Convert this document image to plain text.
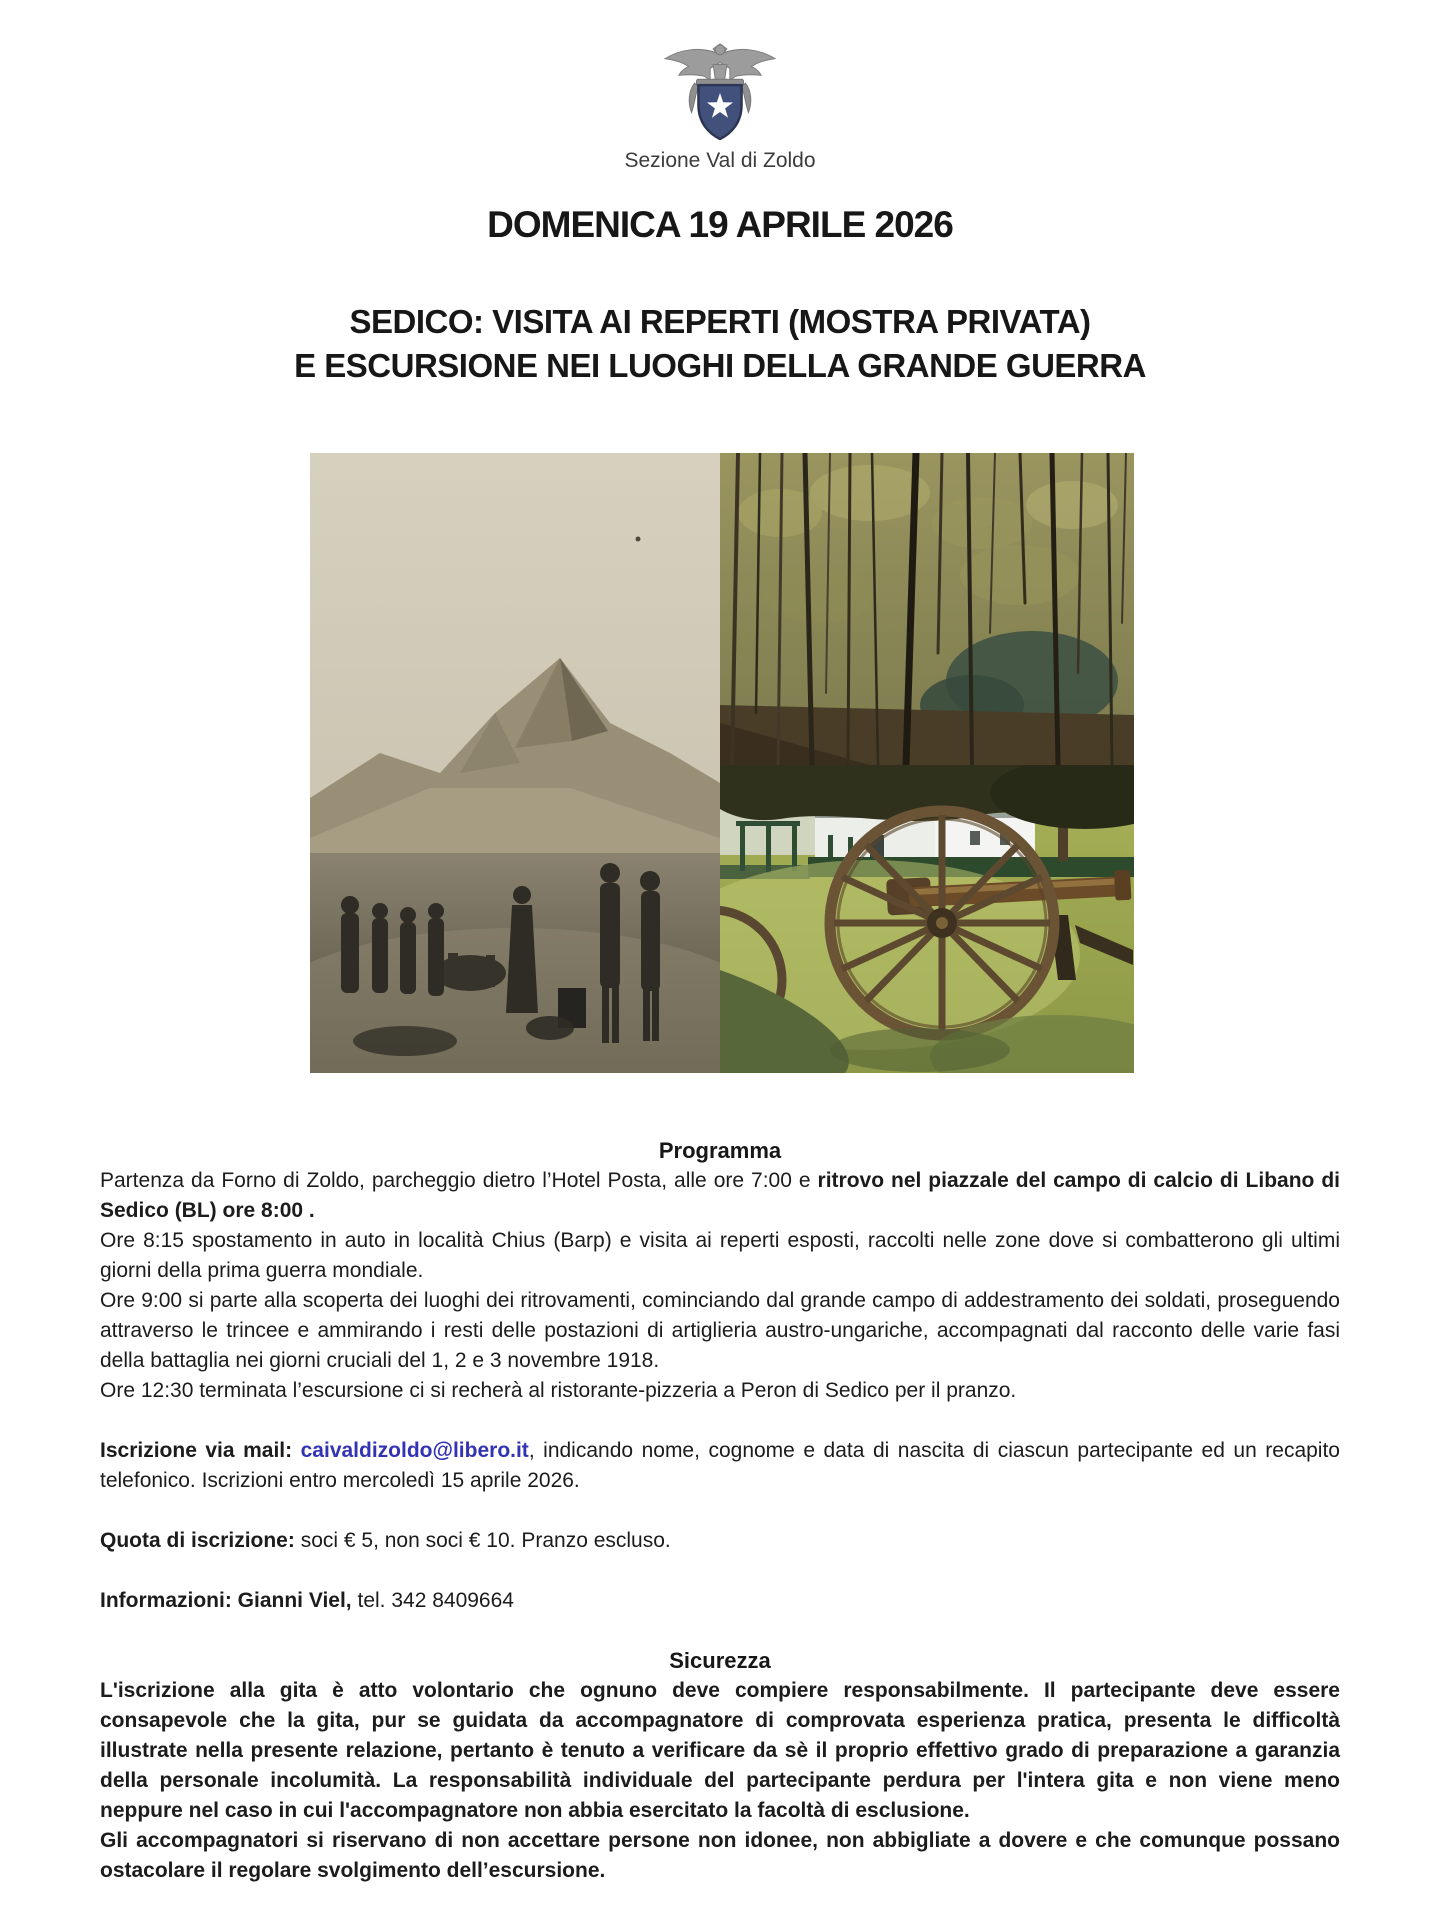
Sezione Val di Zoldo
DOMENICA 19 APRILE 2026
SEDICO: VISITA AI REPERTI (MOSTRA PRIVATA)
E ESCURSIONE NEI LUOGHI DELLA GRANDE GUERRA
Programma

Partenza da Forno di Zoldo, parcheggio dietro l’Hotel Posta, alle ore 7:00 e ritrovo nel piazzale del campo di calcio di Libano di Sedico (BL) ore 8:00 .

Ore 8:15 spostamento in auto in località Chius (Barp) e visita ai reperti esposti, raccolti nelle zone dove si combatterono gli ultimi giorni della prima guerra mondiale.

Ore 9:00 si parte alla scoperta dei luoghi dei ritrovamenti, cominciando dal grande campo di addestramento dei soldati, proseguendo attraverso le trincee e ammirando i resti delle postazioni di artiglieria austro-ungariche, accompagnati dal racconto delle varie fasi della battaglia nei giorni cruciali del 1, 2 e 3 novembre 1918.

Ore 12:30 terminata l’escursione ci si recherà al ristorante-pizzeria a Peron di Sedico per il pranzo.

Iscrizione via mail: caivaldizoldo@libero.it, indicando nome, cognome e data di nascita di ciascun partecipante ed un recapito telefonico. Iscrizioni entro mercoledì 15 aprile 2026.

Quota di iscrizione: soci € 5, non soci € 10. Pranzo escluso.

Informazioni: Gianni Viel, tel. 342 8409664

Sicurezza

L'iscrizione alla gita è atto volontario che ognuno deve compiere responsabilmente. Il partecipante deve essere consapevole che la gita, pur se guidata da accompagnatore di comprovata esperienza pratica, presenta le difficoltà illustrate nella presente relazione, pertanto è tenuto a verificare da sè il proprio effettivo grado di preparazione a garanzia della personale incolumità. La responsabilità individuale del partecipante perdura per l'intera gita e non viene meno neppure nel caso in cui l'accompagnatore non abbia esercitato la facoltà di esclusione.

Gli accompagnatori si riservano di non accettare persone non idonee, non abbigliate a dovere e che comunque possano ostacolare il regolare svolgimento dell’escursione.
